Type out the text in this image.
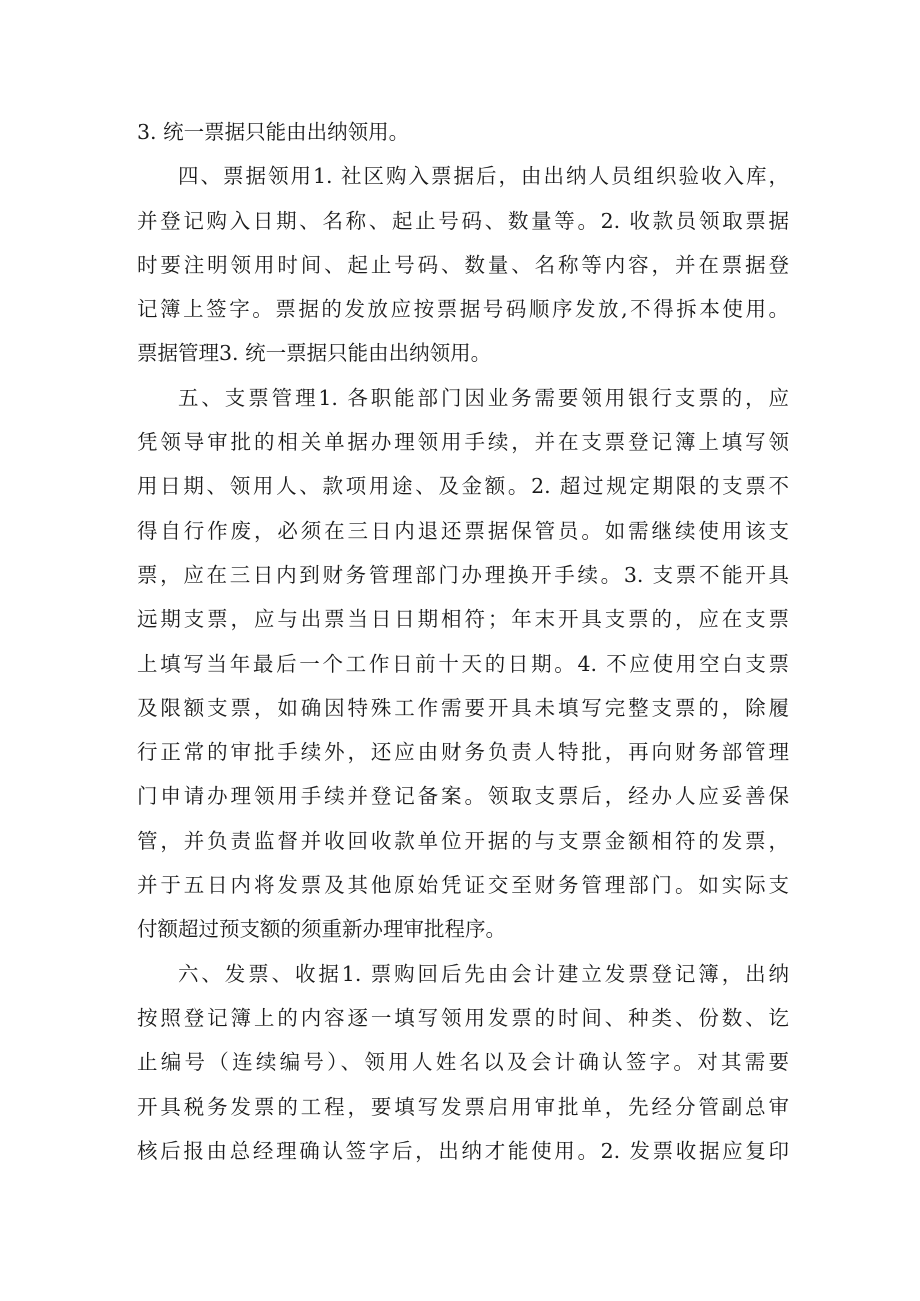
3. 统一票据只能由出纳领用。
四、票据领用1. 社区购入票据后，由出纳人员组织验收入库，
并登记购入日期、名称、起止号码、数量等。2. 收款员领取票据
时要注明领用时间、起止号码、数量、名称等内容，并在票据登
记簿上签字。票据的发放应按票据号码顺序发放,不得拆本使用。
票据管理3. 统一票据只能由出纳领用。
五、支票管理1. 各职能部门因业务需要领用银行支票的，应
凭领导审批的相关单据办理领用手续，并在支票登记簿上填写领
用日期、领用人、款项用途、及金额。2. 超过规定期限的支票不
得自行作废，必须在三日内退还票据保管员。如需继续使用该支
票，应在三日内到财务管理部门办理换开手续。3. 支票不能开具
远期支票，应与出票当日日期相符；年末开具支票的，应在支票
上填写当年最后一个工作日前十天的日期。4. 不应使用空白支票
及限额支票，如确因特殊工作需要开具未填写完整支票的，除履
行正常的审批手续外，还应由财务负责人特批，再向财务部管理
门申请办理领用手续并登记备案。领取支票后，经办人应妥善保
管，并负责监督并收回收款单位开据的与支票金额相符的发票，
并于五日内将发票及其他原始凭证交至财务管理部门。如实际支
付额超过预支额的须重新办理审批程序。
六、发票、收据1. 票购回后先由会计建立发票登记簿，出纳
按照登记簿上的内容逐一填写领用发票的时间、种类、份数、讫
止编号（连续编号）、领用人姓名以及会计确认签字。对其需要
开具税务发票的工程，要填写发票启用审批单，先经分管副总审
核后报由总经理确认签字后，出纳才能使用。2. 发票收据应复印
